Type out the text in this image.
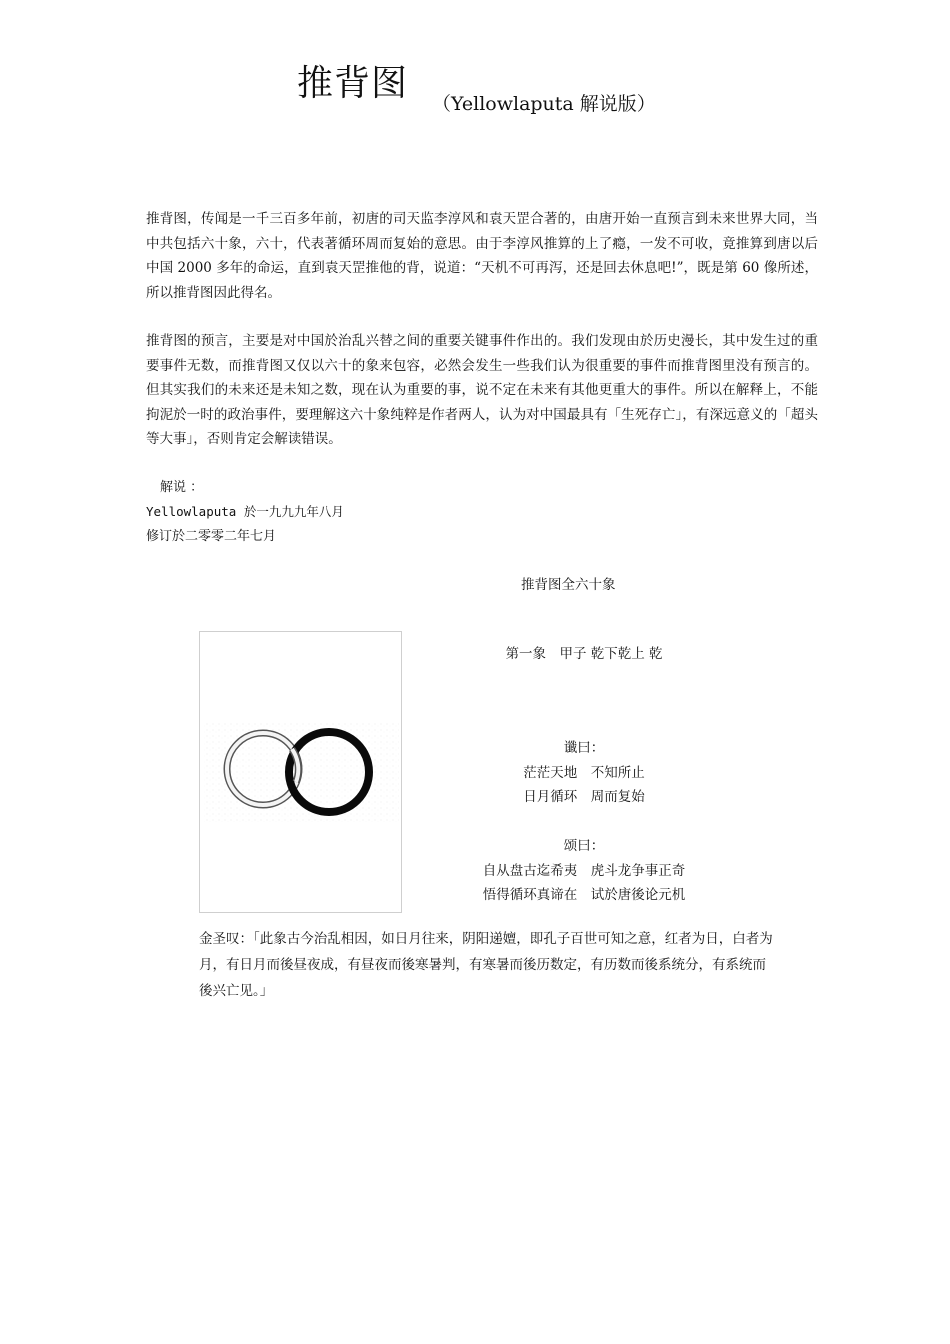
推背图 （Yellowlaputa 解说版）

推背图，传闻是一千三百多年前，初唐的司天监李淳风和袁天罡合著的，由唐开始一直预言到未来世界大同，当中共包括六十象，六十，代表著循环周而复始的意思。由于李淳风推算的上了瘾，一发不可收，竟推算到唐以后中国 2000 多年的命运，直到袁天罡推他的背，说道：“天机不可再泻，还是回去休息吧!”，既是第 60 像所述，所以推背图因此得名。

推背图的预言，主要是对中国於治乱兴替之间的重要关键事件作出的。我们发现由於历史漫长，其中发生过的重要事件无数，而推背图又仅以六十的象来包容，必然会发生一些我们认为很重要的事件而推背图里没有预言的。但其实我们的未来还是未知之数，现在认为重要的事，说不定在未来有其他更重大的事件。所以在解释上，不能拘泥於一时的政治事件，要理解这六十象纯粹是作者两人，认为对中国最具有「生死存亡」，有深远意义的「超头等大事」，否则肯定会解读错误。

解说 ：
Yellowlaputa 於一九九九年八月
修订於二零零二年七月
推背图全六十象
第一象　甲子 乾下乾上 乾
谶曰：
茫茫天地　不知所止
日月循环　周而复始
颂曰：
自从盘古迄希夷　虎斗龙争事正奇
悟得循环真谛在　试於唐後论元机

金圣叹：「此象古今治乱相因，如日月往来，阴阳递嬗，即孔子百世可知之意，红者为日，白者为月，有日月而後昼夜成，有昼夜而後寒暑判，有寒暑而後历数定，有历数而後系统分，有系统而後兴亡见。」
